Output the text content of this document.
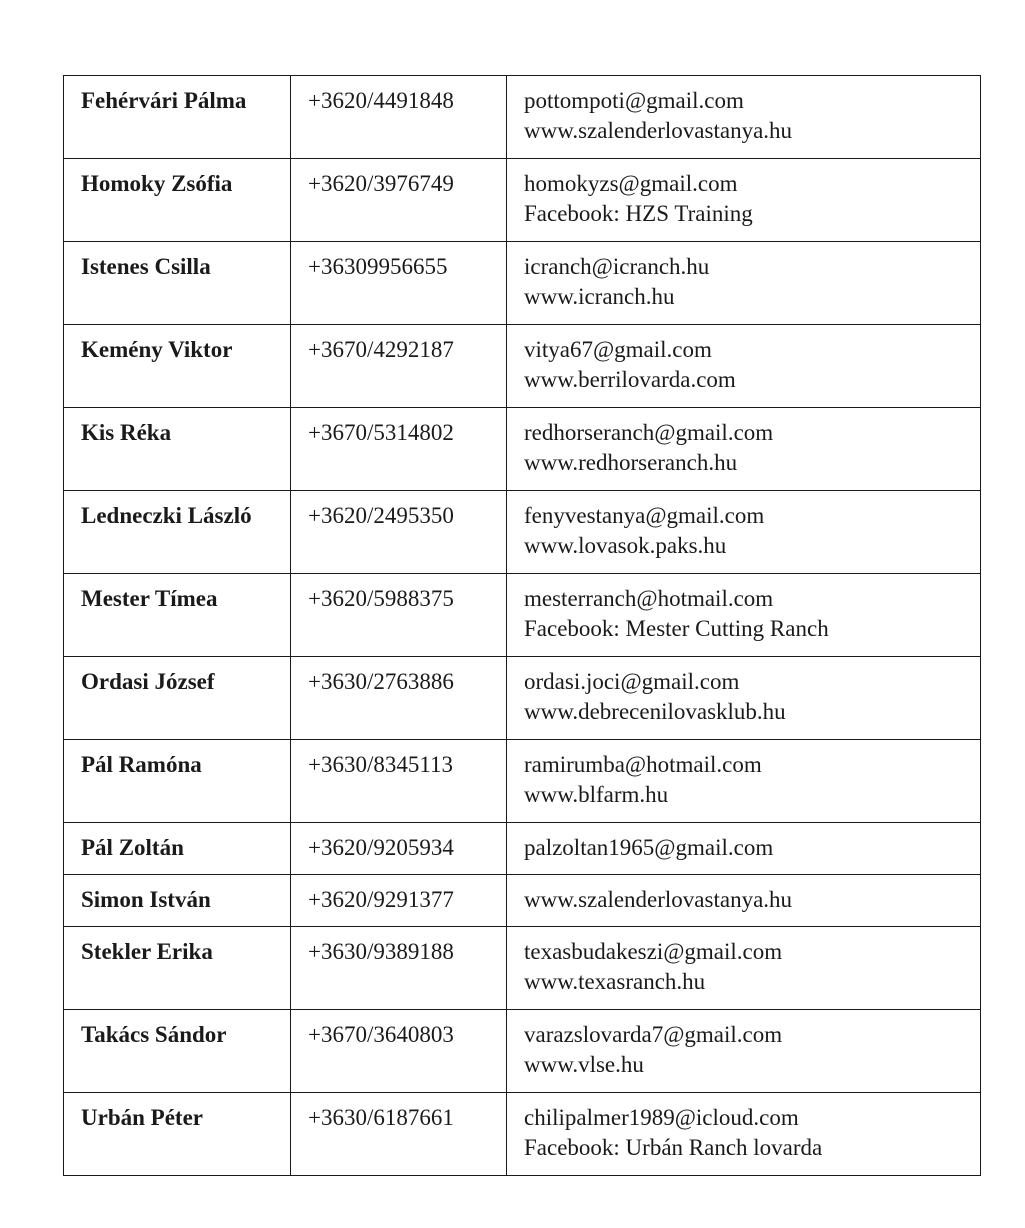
Fehérvári Pálma	+3620/4491848	pottompoti@gmail.com
www.szalenderlovastanya.hu

Homoky Zsófia	+3620/3976749	homokyzs@gmail.com
Facebook: HZS Training

Istenes Csilla	+36309956655	icranch@icranch.hu
www.icranch.hu

Kemény Viktor	+3670/4292187	vitya67@gmail.com
www.berrilovarda.com

Kis Réka	+3670/5314802	redhorseranch@gmail.com
www.redhorseranch.hu

Ledneczki László	+3620/2495350	fenyvestanya@gmail.com
www.lovasok.paks.hu

Mester Tímea	+3620/5988375	mesterranch@hotmail.com
Facebook: Mester Cutting Ranch

Ordasi József	+3630/2763886	ordasi.joci@gmail.com
www.debrecenilovasklub.hu

Pál Ramóna	+3630/8345113	ramirumba@hotmail.com
www.blfarm.hu

Pál Zoltán	+3620/9205934	palzoltan1965@gmail.com

Simon István	+3620/9291377	www.szalenderlovastanya.hu

Stekler Erika	+3630/9389188	texasbudakeszi@gmail.com
www.texasranch.hu

Takács Sándor	+3670/3640803	varazslovarda7@gmail.com
www.vlse.hu

Urbán Péter	+3630/6187661	chilipalmer1989@icloud.com
Facebook: Urbán Ranch lovarda
